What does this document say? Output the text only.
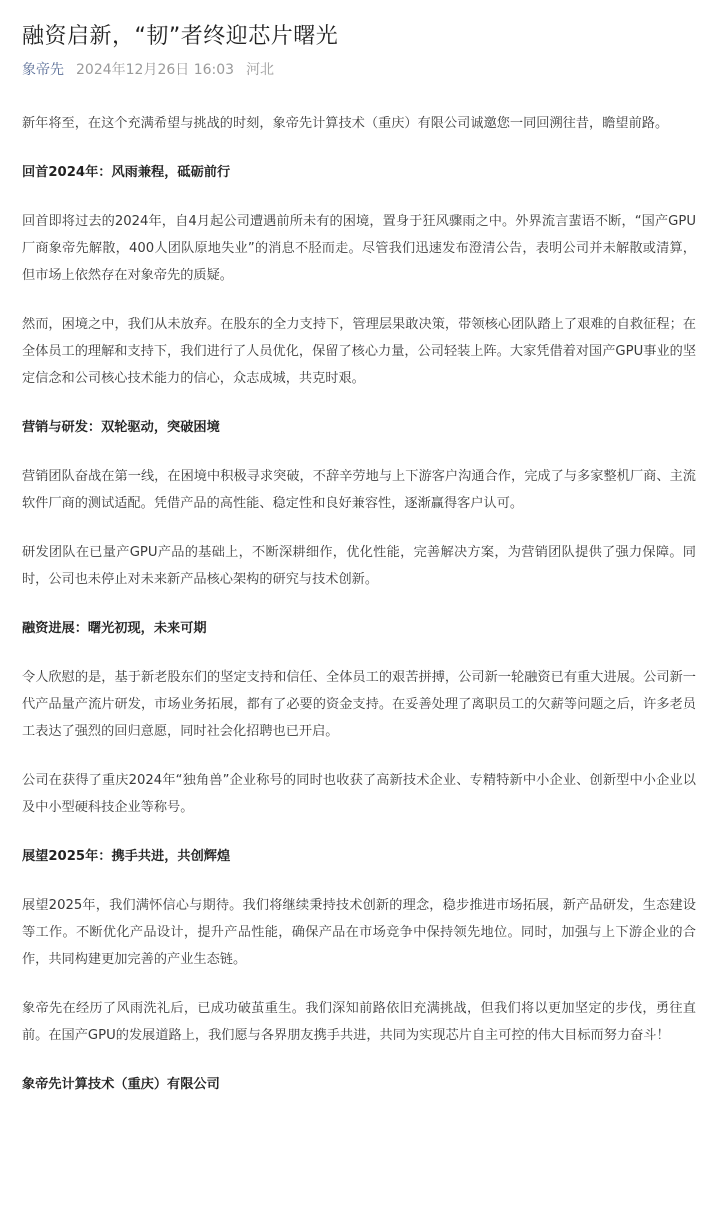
融资启新，“韧”者终迎芯片曙光
象帝先 2024年12月26日 16:03 河北

新年将至，在这个充满希望与挑战的时刻，象帝先计算技术（重庆）有限公司诚邀您一同回溯往昔，瞻望前路。

回首2024年：风雨兼程，砥砺前行

回首即将过去的2024年，自4月起公司遭遇前所未有的困境，置身于狂风骤雨之中。外界流言蜚语不断，“国产GPU厂商象帝先解散，400人团队原地失业”的消息不胫而走。尽管我们迅速发布澄清公告，表明公司并未解散或清算，但市场上依然存在对象帝先的质疑。

然而，困境之中，我们从未放弃。在股东的全力支持下，管理层果敢决策，带领核心团队踏上了艰难的自救征程；在全体员工的理解和支持下，我们进行了人员优化，保留了核心力量，公司轻装上阵。大家凭借着对国产GPU事业的坚定信念和公司核心技术能力的信心，众志成城，共克时艰。

营销与研发：双轮驱动，突破困境

营销团队奋战在第一线，在困境中积极寻求突破，不辞辛劳地与上下游客户沟通合作，完成了与多家整机厂商、主流软件厂商的测试适配。凭借产品的高性能、稳定性和良好兼容性，逐渐赢得客户认可。

研发团队在已量产GPU产品的基础上，不断深耕细作，优化性能，完善解决方案，为营销团队提供了强力保障。同时，公司也未停止对未来新产品核心架构的研究与技术创新。

融资进展：曙光初现，未来可期

令人欣慰的是，基于新老股东们的坚定支持和信任、全体员工的艰苦拼搏，公司新一轮融资已有重大进展。公司新一代产品量产流片研发，市场业务拓展，都有了必要的资金支持。在妥善处理了离职员工的欠薪等问题之后，许多老员工表达了强烈的回归意愿，同时社会化招聘也已开启。

公司在获得了重庆2024年“独角兽”企业称号的同时也收获了高新技术企业、专精特新中小企业、创新型中小企业以及中小型硬科技企业等称号。

展望2025年：携手共进，共创辉煌

展望2025年，我们满怀信心与期待。我们将继续秉持技术创新的理念，稳步推进市场拓展，新产品研发，生态建设等工作。不断优化产品设计，提升产品性能，确保产品在市场竞争中保持领先地位。同时，加强与上下游企业的合作，共同构建更加完善的产业生态链。

象帝先在经历了风雨洗礼后，已成功破茧重生。我们深知前路依旧充满挑战，但我们将以更加坚定的步伐，勇往直前。在国产GPU的发展道路上，我们愿与各界朋友携手共进，共同为实现芯片自主可控的伟大目标而努力奋斗！

象帝先计算技术（重庆）有限公司
